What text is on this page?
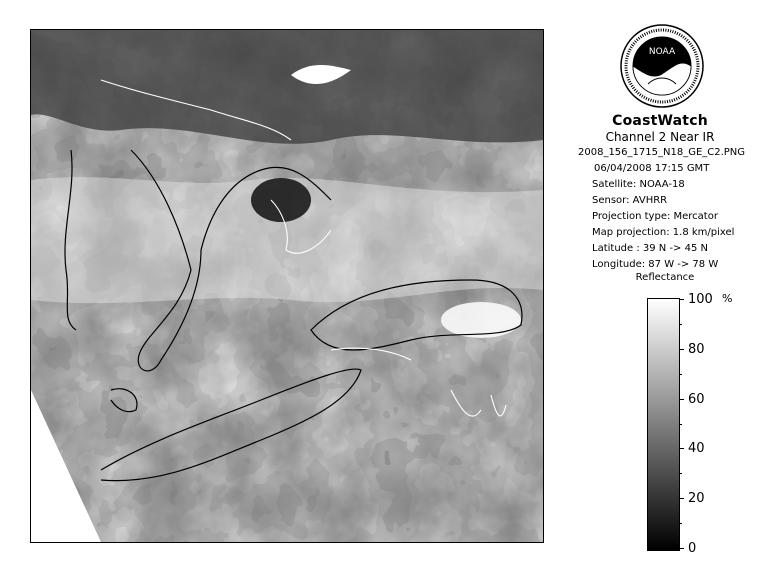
NOAA
CoastWatch
Channel 2 Near IR
2008_156_1715_N18_GE_C2.PNG
06/04/2008 17:15 GMT
Satellite: NOAA-18
Sensor: AVHRR
Projection type: Mercator
Map projection: 1.8 km/pixel
Latitude : 39 N -> 45 N
Longitude: 87 W -> 78 W
Reflectance
%
100
80
60
40
20
0
